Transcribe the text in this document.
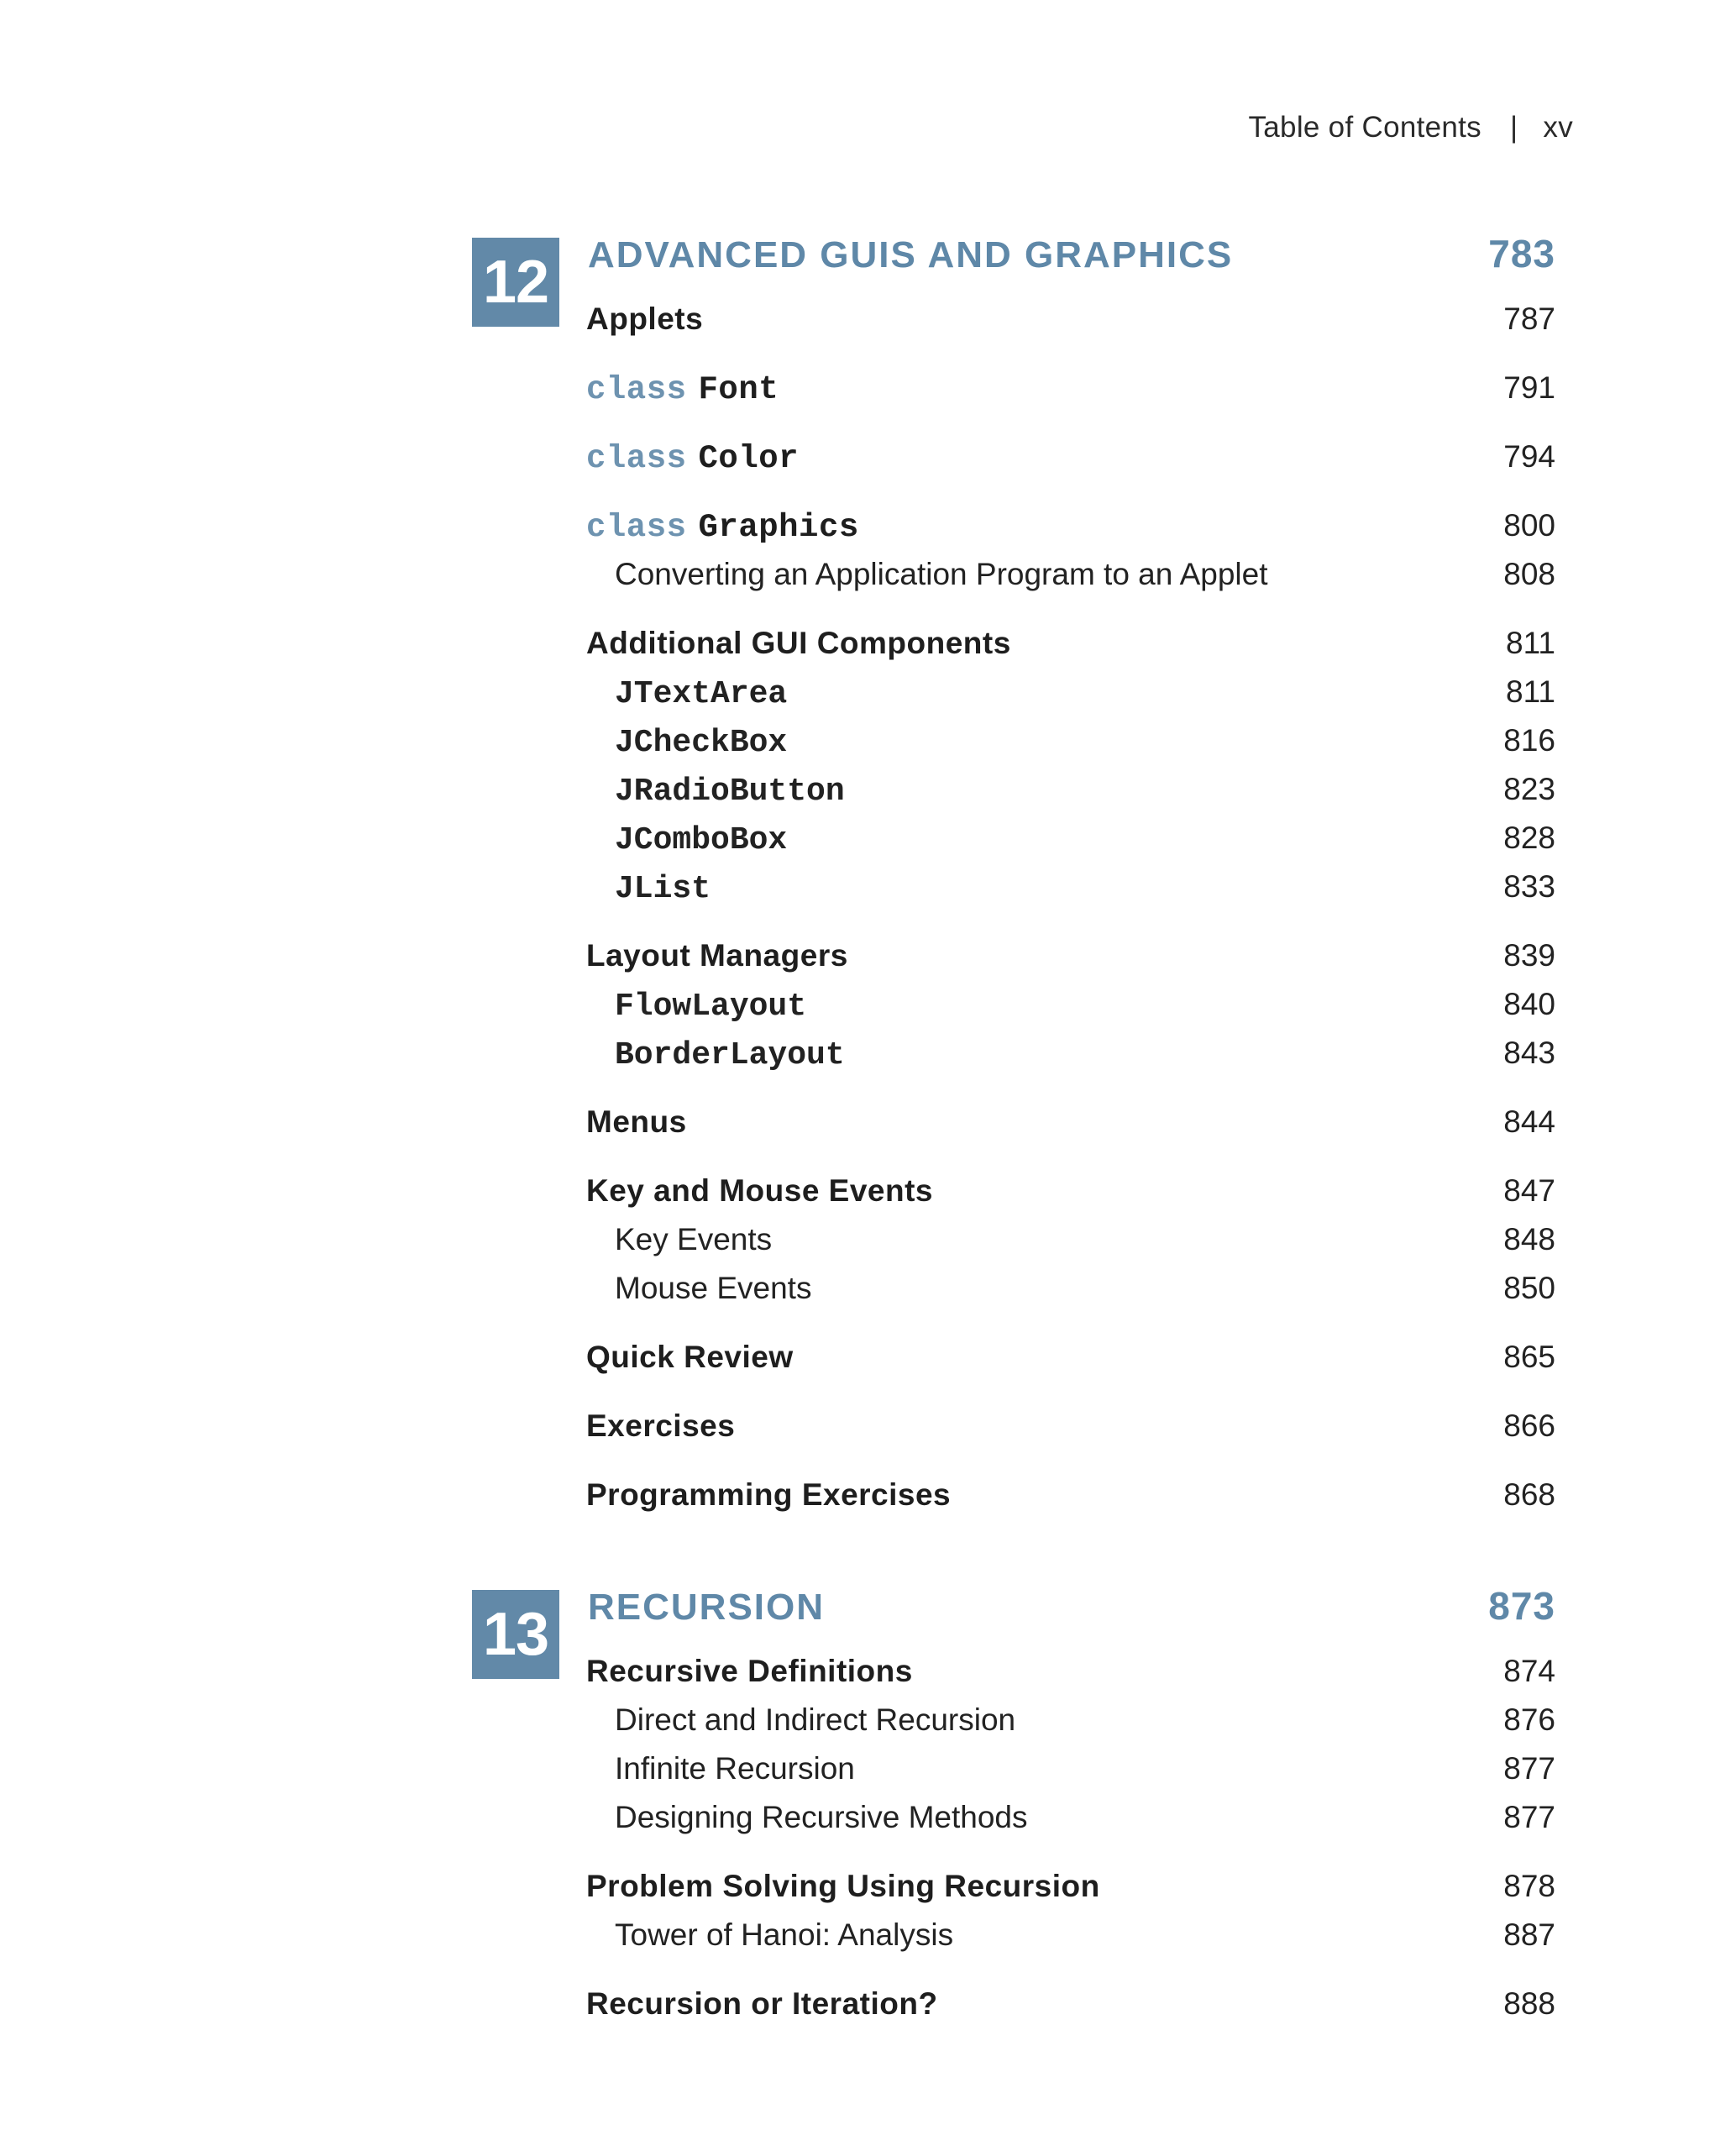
Table of Contents | xv
12 ADVANCED GUIS AND GRAPHICS	783
Applets	787
class Font	791
class Color	794
class Graphics	800
Converting an Application Program to an Applet	808
Additional GUI Components	811
JTextArea	811
JCheckBox	816
JRadioButton	823
JComboBox	828
JList	833
Layout Managers	839
FlowLayout	840
BorderLayout	843
Menus	844
Key and Mouse Events	847
Key Events	848
Mouse Events	850
Quick Review	865
Exercises	866
Programming Exercises	868
13 RECURSION	873
Recursive Definitions	874
Direct and Indirect Recursion	876
Infinite Recursion	877
Designing Recursive Methods	877
Problem Solving Using Recursion	878
Tower of Hanoi: Analysis	887
Recursion or Iteration?	888
